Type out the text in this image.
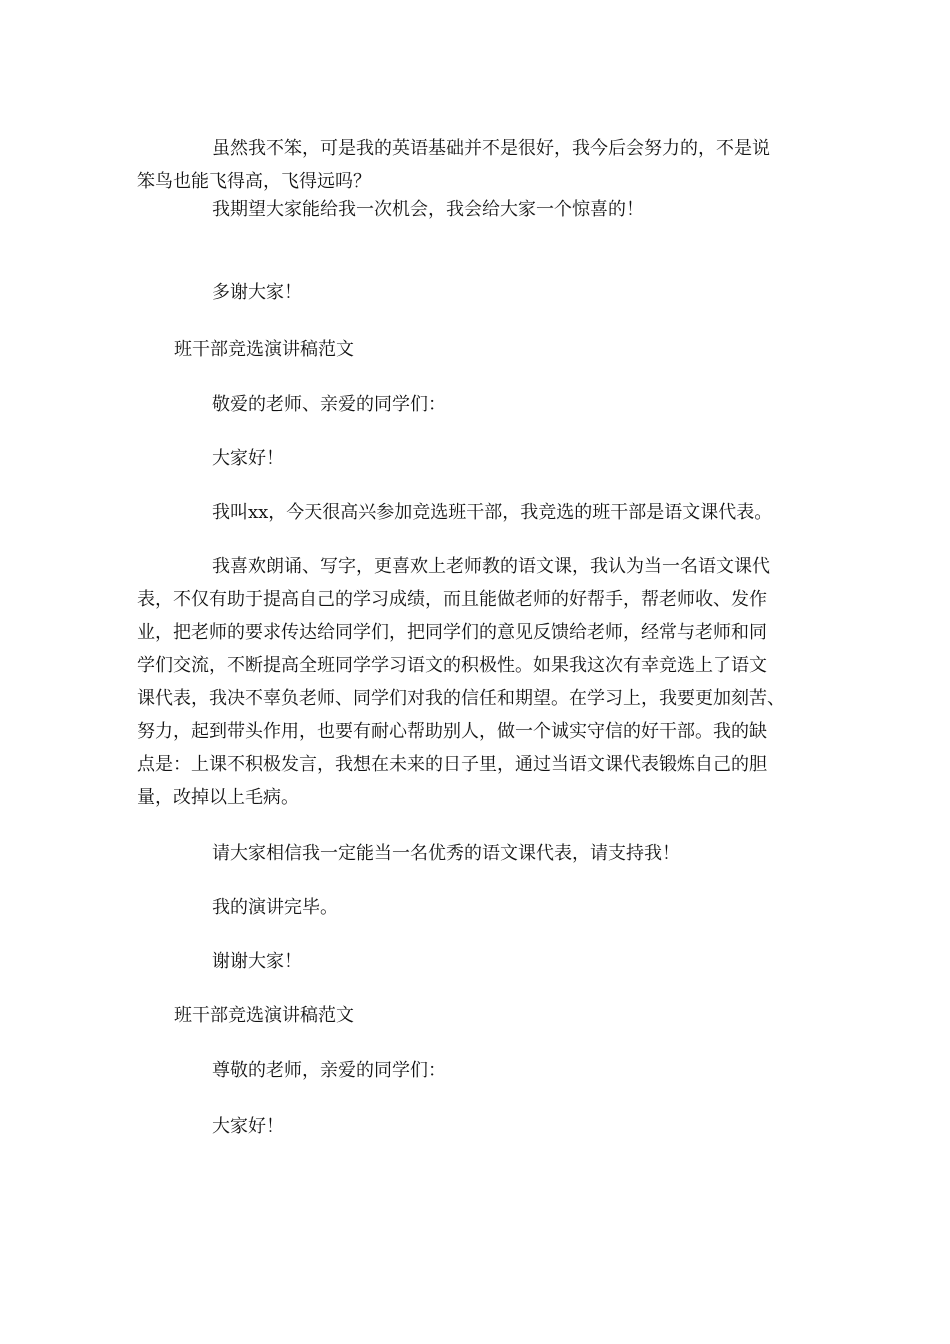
虽然我不笨，可是我的英语基础并不是很好，我今后会努力的，不是说
笨鸟也能飞得高，飞得远吗？

我期望大家能给我一次机会，我会给大家一个惊喜的！

多谢大家！

班干部竞选演讲稿范文

敬爱的老师、亲爱的同学们：

大家好！

我叫xx，今天很高兴参加竞选班干部，我竞选的班干部是语文课代表。

我喜欢朗诵、写字，更喜欢上老师教的语文课，我认为当一名语文课代
表，不仅有助于提高自己的学习成绩，而且能做老师的好帮手，帮老师收、发作
业，把老师的要求传达给同学们，把同学们的意见反馈给老师，经常与老师和同
学们交流，不断提高全班同学学习语文的积极性。如果我这次有幸竞选上了语文
课代表，我决不辜负老师、同学们对我的信任和期望。在学习上，我要更加刻苦、
努力，起到带头作用，也要有耐心帮助别人，做一个诚实守信的好干部。我的缺
点是：上课不积极发言，我想在未来的日子里，通过当语文课代表锻炼自己的胆
量，改掉以上毛病。

请大家相信我一定能当一名优秀的语文课代表，请支持我！

我的演讲完毕。

谢谢大家！

班干部竞选演讲稿范文

尊敬的老师，亲爱的同学们：

大家好！
